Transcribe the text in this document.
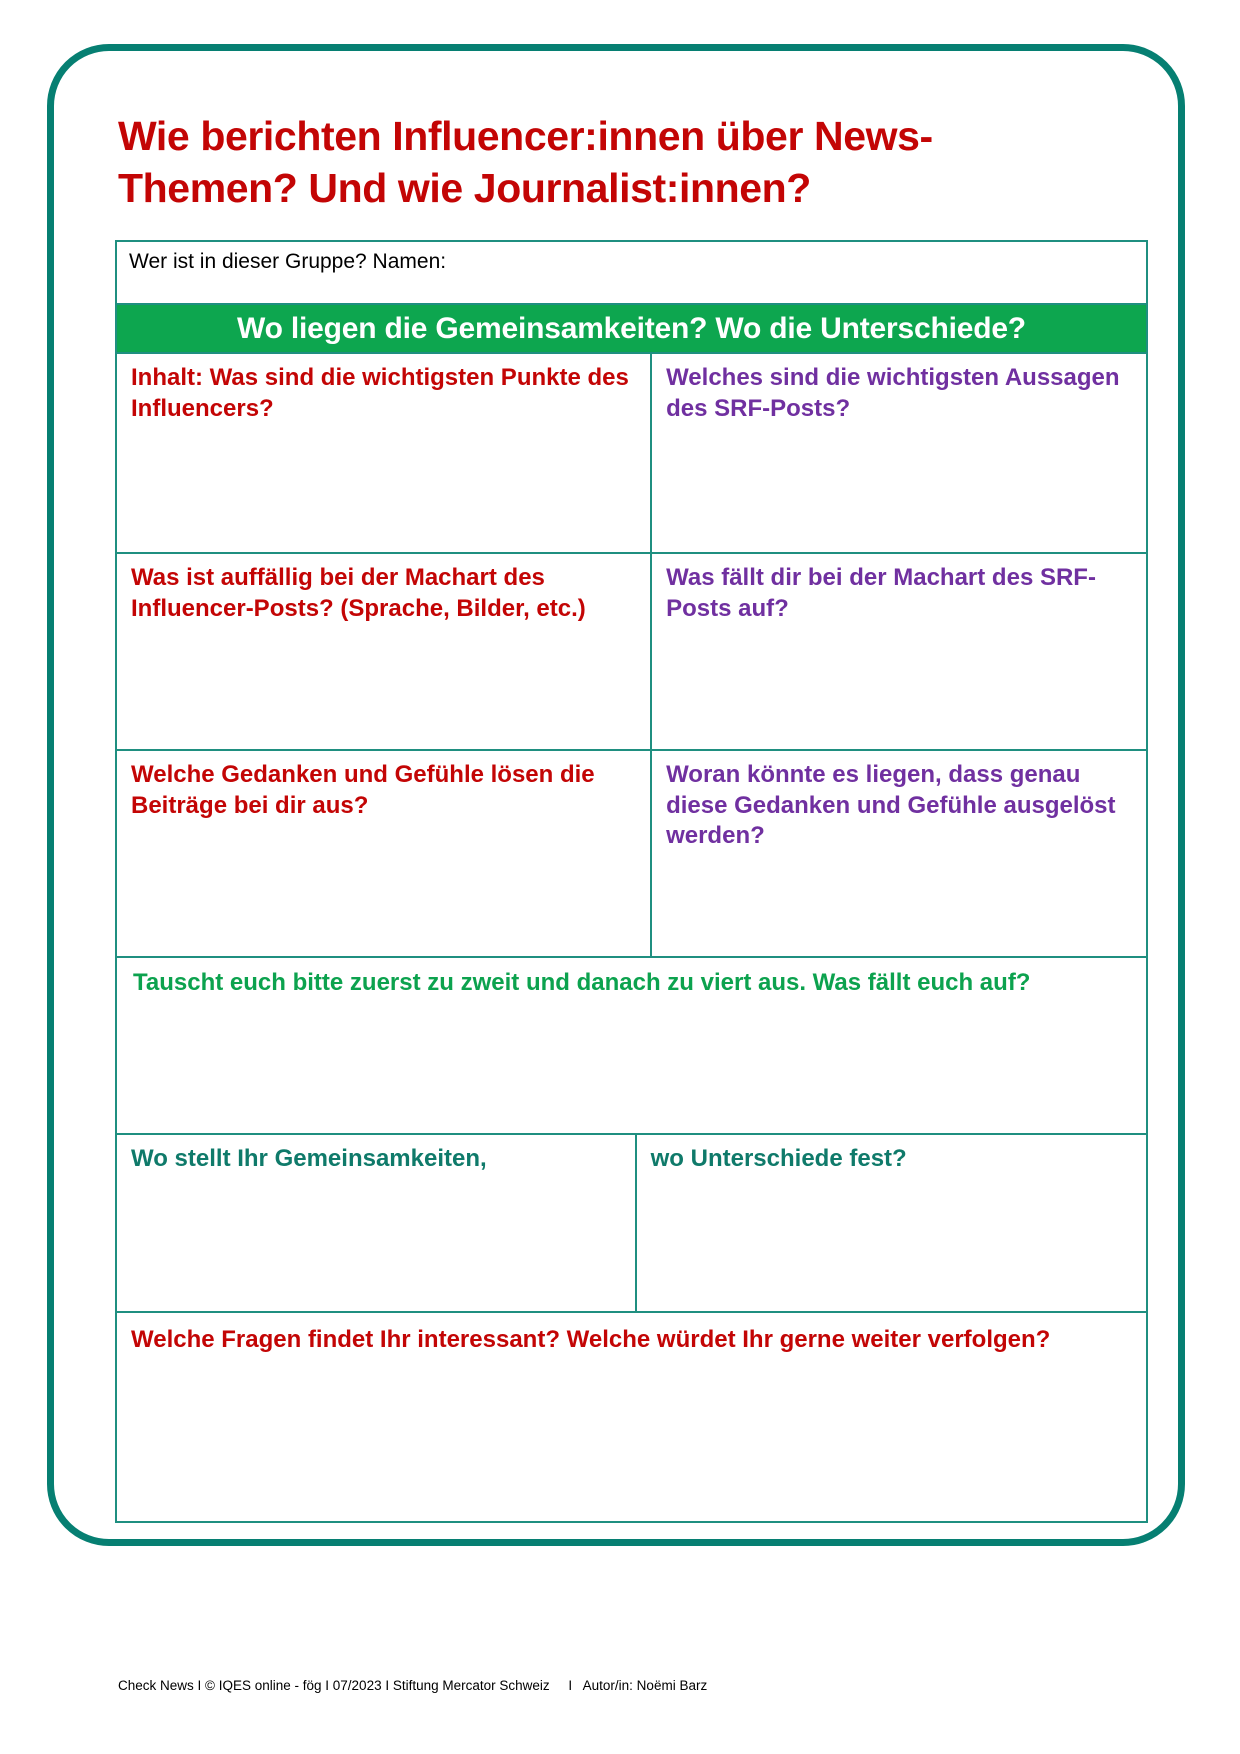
Wie berichten Influencer:innen über News-
Themen? Und wie Journalist:innen?
Wer ist in dieser Gruppe? Namen:
Wo liegen die Gemeinsamkeiten? Wo die Unterschiede?
Inhalt: Was sind die wichtigsten Punkte des Influencers?
Welches sind die wichtigsten Aussagen des SRF-Posts?
Was ist auffällig bei der Machart des Influencer-Posts? (Sprache, Bilder, etc.)
Was fällt dir bei der Machart des SRF-Posts auf?
Welche Gedanken und Gefühle lösen die Beiträge bei dir aus?
Woran könnte es liegen, dass genau diese Gedanken und Gefühle ausgelöst werden?
Tauscht euch bitte zuerst zu zweit und danach zu viert aus. Was fällt euch auf?
Wo stellt Ihr Gemeinsamkeiten,	wo Unterschiede fest?
Welche Fragen findet Ihr interessant? Welche würdet Ihr gerne weiter verfolgen?
Check News I © IQES online - fög I 07/2023 I Stiftung Mercator Schweiz     I   Autor/in: Noëmi Barz
